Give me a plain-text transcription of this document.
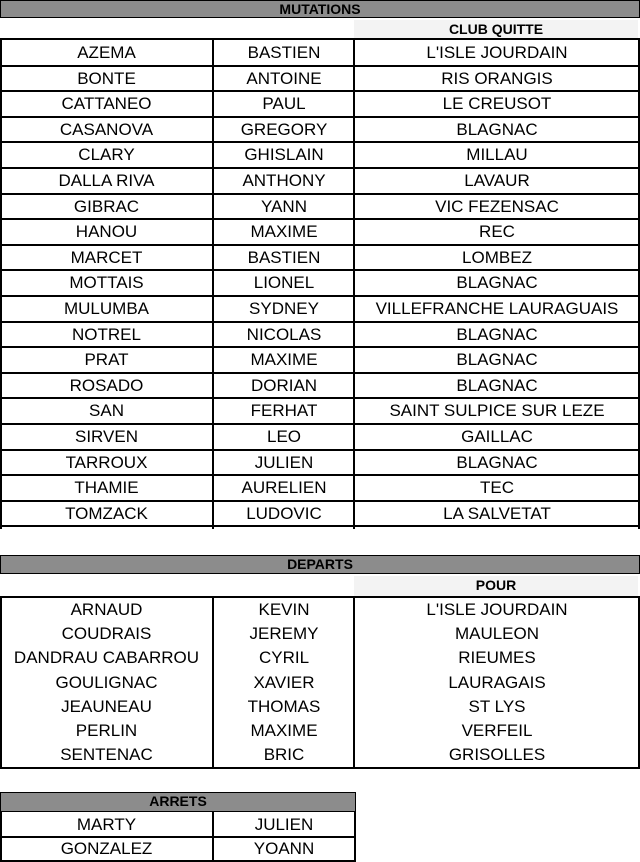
MUTATIONS
CLUB QUITTE
AZEMA	BASTIEN	L'ISLE JOURDAIN
BONTE	ANTOINE	RIS ORANGIS
CATTANEO	PAUL	LE CREUSOT
CASANOVA	GREGORY	BLAGNAC
CLARY	GHISLAIN	MILLAU
DALLA RIVA	ANTHONY	LAVAUR
GIBRAC	YANN	VIC FEZENSAC
HANOU	MAXIME	REC
MARCET	BASTIEN	LOMBEZ
MOTTAIS	LIONEL	BLAGNAC
MULUMBA	SYDNEY	VILLEFRANCHE LAURAGUAIS
NOTREL	NICOLAS	BLAGNAC
PRAT	MAXIME	BLAGNAC
ROSADO	DORIAN	BLAGNAC
SAN	FERHAT	SAINT SULPICE SUR LEZE
SIRVEN	LEO	GAILLAC
TARROUX	JULIEN	BLAGNAC
THAMIE	AURELIEN	TEC
TOMZACK	LUDOVIC	LA SALVETAT
DEPARTS
POUR
ARNAUD	KEVIN	L'ISLE JOURDAIN
COUDRAIS	JEREMY	MAULEON
DANDRAU CABARROU	CYRIL	RIEUMES
GOULIGNAC	XAVIER	LAURAGAIS
JEAUNEAU	THOMAS	ST LYS
PERLIN	MAXIME	VERFEIL
SENTENAC	BRIC	GRISOLLES
ARRETS
MARTY	JULIEN
GONZALEZ	YOANN
